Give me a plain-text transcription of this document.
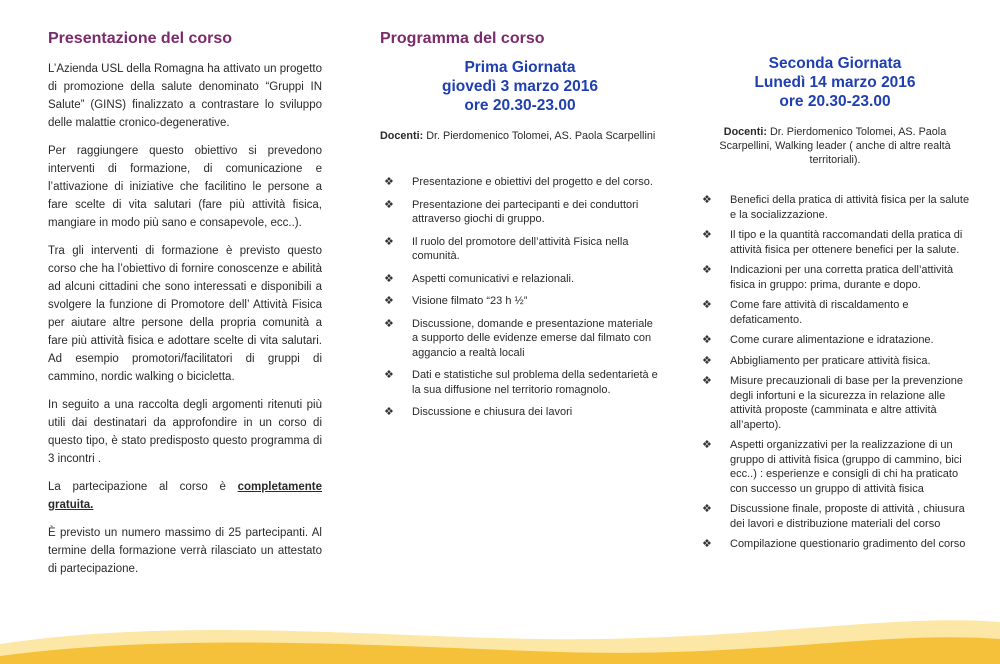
Presentazione del corso

L’Azienda USL della Romagna ha attivato un progetto di promozione della salute denominato “Gruppi IN Salute” (GINS) finalizzato a contrastare lo sviluppo delle malattie cronico-degenerative.

Per raggiungere questo obiettivo si prevedono interventi di formazione, di comunicazione e l’attivazione di iniziative che facilitino le persone a fare scelte di vita salutari (fare più attività fisica, mangiare in modo più sano e consapevole, ecc..).

Tra gli interventi di formazione è previsto questo corso che ha l’obiettivo di fornire conoscenze e abilità ad alcuni cittadini che sono interessati e disponibili a svolgere la funzione di Promotore dell’ Attività Fisica per aiutare altre persone della propria comunità a fare più attività fisica e adottare scelte di vita salutari. Ad esempio promotori/facilitatori di gruppi di cammino, nordic walking o bicicletta.

In seguito a una raccolta degli argomenti ritenuti più utili dai destinatari da approfondire in un corso di questo tipo, è stato predisposto questo programma di 3 incontri .

La partecipazione al corso è completamente gratuita.

È previsto un numero massimo di 25 partecipanti. Al termine della formazione verrà rilasciato un attestato di partecipazione.

Programma del corso

Prima Giornata

giovedì 3 marzo 2016

ore 20.30-23.00

Docenti: Dr. Pierdomenico Tolomei, AS. Paola Scarpellini

❖ Presentazione e obiettivi del progetto e del corso.
❖ Presentazione dei partecipanti e dei conduttori attraverso giochi di gruppo.
❖ Il ruolo del promotore dell’attività Fisica nella comunità.
❖ Aspetti comunicativi e relazionali.
❖ Visione filmato “23 h ½”
❖ Discussione, domande e presentazione materiale a supporto delle evidenze emerse dal filmato con aggancio a realtà locali
❖ Dati e statistiche sul problema della sedentarietà e la sua diffusione nel territorio romagnolo.
❖ Discussione e chiusura dei lavori

Seconda Giornata

Lunedì 14 marzo 2016

ore 20.30-23.00

Docenti: Dr. Pierdomenico Tolomei, AS. Paola Scarpellini, Walking leader ( anche di altre realtà territoriali).

❖ Benefici della pratica di attività fisica per la salute e la socializzazione.
❖ Il tipo e la quantità raccomandati della pratica di attività fisica per ottenere benefici per la salute.
❖ Indicazioni per una corretta pratica dell’attività fisica in gruppo: prima, durante e dopo.
❖ Come fare attività di riscaldamento e defaticamento.
❖ Come curare alimentazione e idratazione.
❖ Abbigliamento per praticare attività fisica.
❖ Misure precauzionali di base per la prevenzione degli infortuni e la sicurezza in relazione alle attività proposte (camminata e altre attività all’aperto).
❖ Aspetti organizzativi per la realizzazione di un gruppo di attività fisica (gruppo di cammino, bici ecc..) : esperienze e consigli di chi ha praticato con successo un gruppo di attività fisica
❖ Discussione finale, proposte di attività , chiusura dei lavori e distribuzione materiali del corso
❖ Compilazione questionario gradimento del corso
